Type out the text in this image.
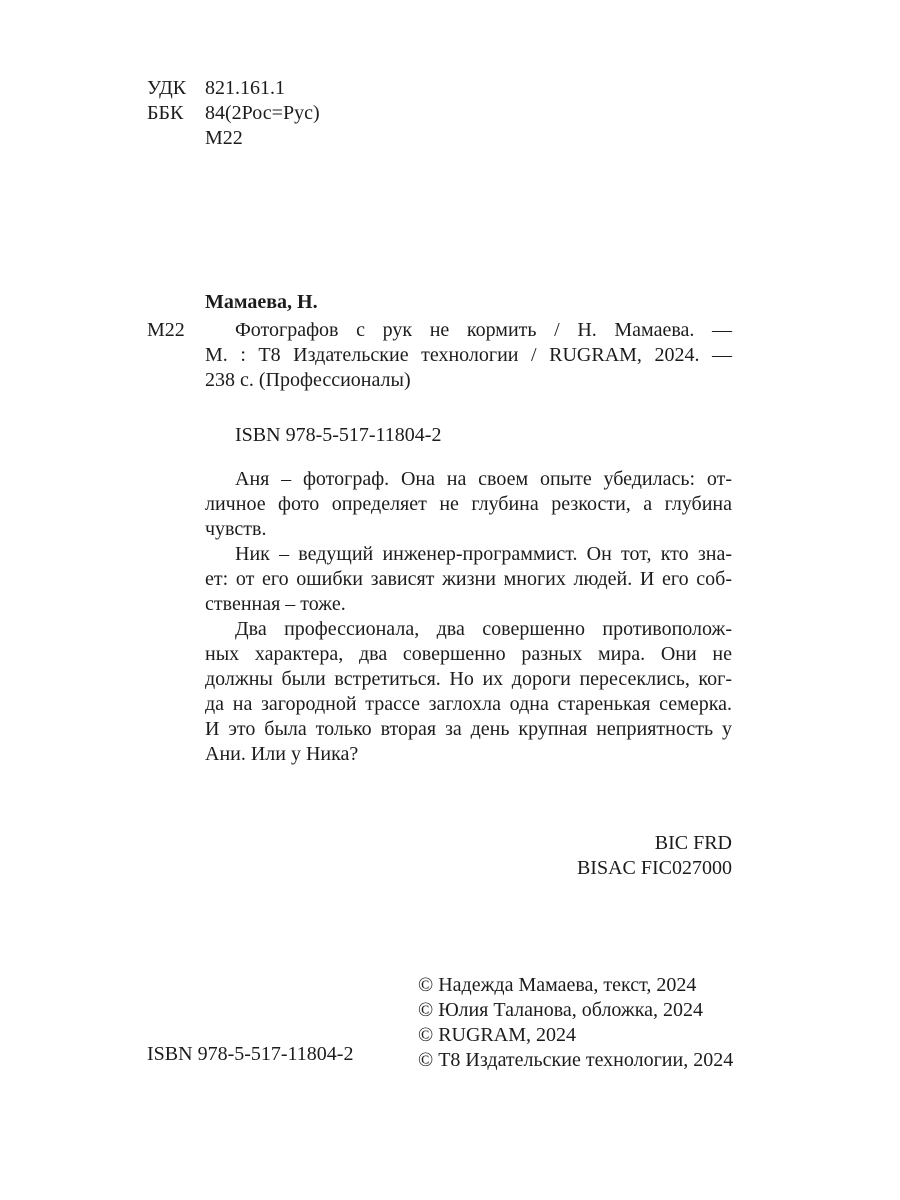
УДК 821.161.1
ББК 84(2Рос=Рус)
М22
Мамаева, Н.
М22	Фотографов с рук не кормить / Н. Мамаева. —
М. : Т8 Издательские технологии / RUGRAM, 2024. —
238 с. (Профессионалы)
ISBN 978-5-517-11804-2
Аня – фотограф. Она на своем опыте убедилась: от-
личное фото определяет не глубина резкости, а глубина
чувств.
Ник – ведущий инженер-программист. Он тот, кто зна-
ет: от его ошибки зависят жизни многих людей. И его соб-
ственная – тоже.
Два профессионала, два совершенно противополож-
ных характера, два совершенно разных мира. Они не
должны были встретиться. Но их дороги пересеклись, ког-
да на загородной трассе заглохла одна старенькая семерка.
И это была только вторая за день крупная неприятность у
Ани. Или у Ника?
BIC FRD
BISAC FIC027000
ISBN 978-5-517-11804-2
© Надежда Мамаева, текст, 2024
© Юлия Таланова, обложка, 2024
© RUGRAM, 2024
© Т8 Издательские технологии, 2024
